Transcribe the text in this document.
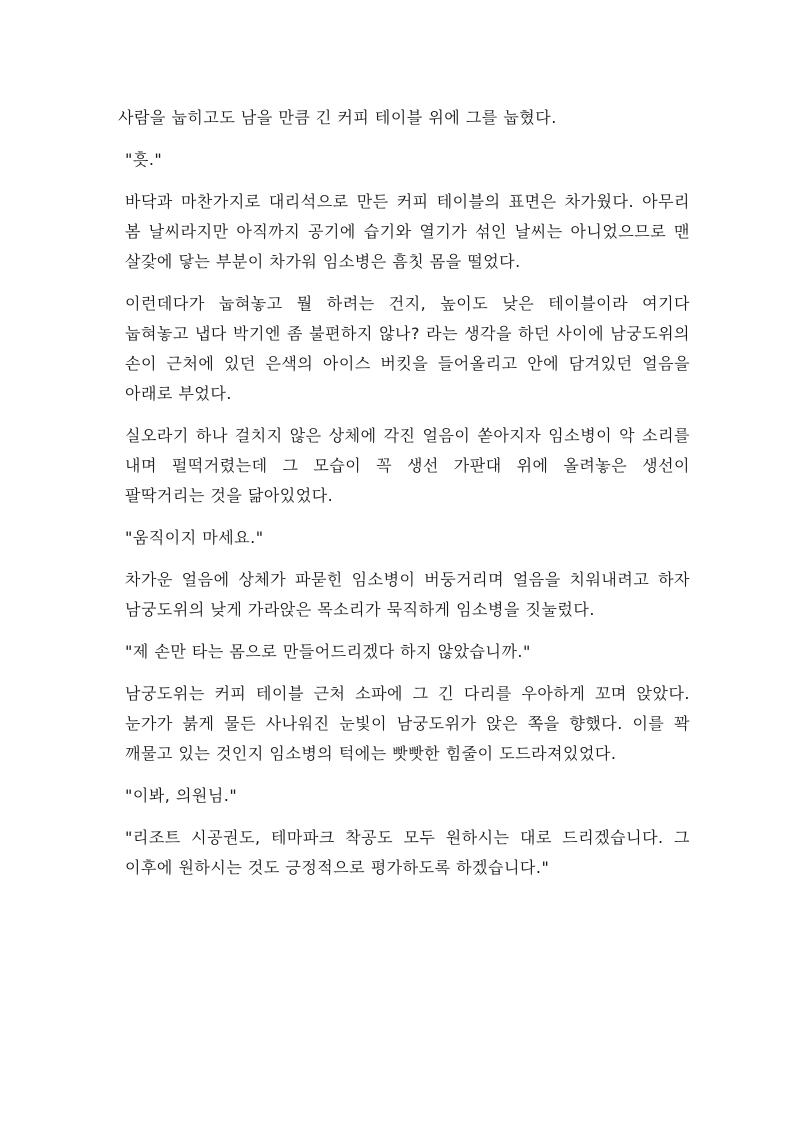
사람을 눕히고도 남을 만큼 긴 커피 테이블 위에 그를 눕혔다.

"흣."

바닥과 마찬가지로 대리석으로 만든 커피 테이블의 표면은 차가웠다. 아무리 봄 날씨라지만 아직까지 공기에 습기와 열기가 섞인 날씨는 아니었으므로 맨 살갗에 닿는 부분이 차가워 임소병은 흠칫 몸을 떨었다.

이런데다가 눕혀놓고 뭘 하려는 건지, 높이도 낮은 테이블이라 여기다 눕혀놓고 냅다 박기엔 좀 불편하지 않나? 라는 생각을 하던 사이에 남궁도위의 손이 근처에 있던 은색의 아이스 버킷을 들어올리고 안에 담겨있던 얼음을 아래로 부었다.

실오라기 하나 걸치지 않은 상체에 각진 얼음이 쏟아지자 임소병이 악 소리를 내며 펄떡거렸는데 그 모습이 꼭 생선 가판대 위에 올려놓은 생선이 팔딱거리는 것을 닮아있었다.

"움직이지 마세요."

차가운 얼음에 상체가 파묻힌 임소병이 버둥거리며 얼음을 치워내려고 하자 남궁도위의 낮게 가라앉은 목소리가 묵직하게 임소병을 짓눌렀다.

"제 손만 타는 몸으로 만들어드리겠다 하지 않았습니까."

남궁도위는 커피 테이블 근처 소파에 그 긴 다리를 우아하게 꼬며 앉았다. 눈가가 붉게 물든 사나워진 눈빛이 남궁도위가 앉은 쪽을 향했다. 이를 꽉 깨물고 있는 것인지 임소병의 턱에는 빳빳한 힘줄이 도드라져있었다.

"이봐, 의원님."

"리조트 시공권도, 테마파크 착공도 모두 원하시는 대로 드리겠습니다. 그 이후에 원하시는 것도 긍정적으로 평가하도록 하겠습니다."
